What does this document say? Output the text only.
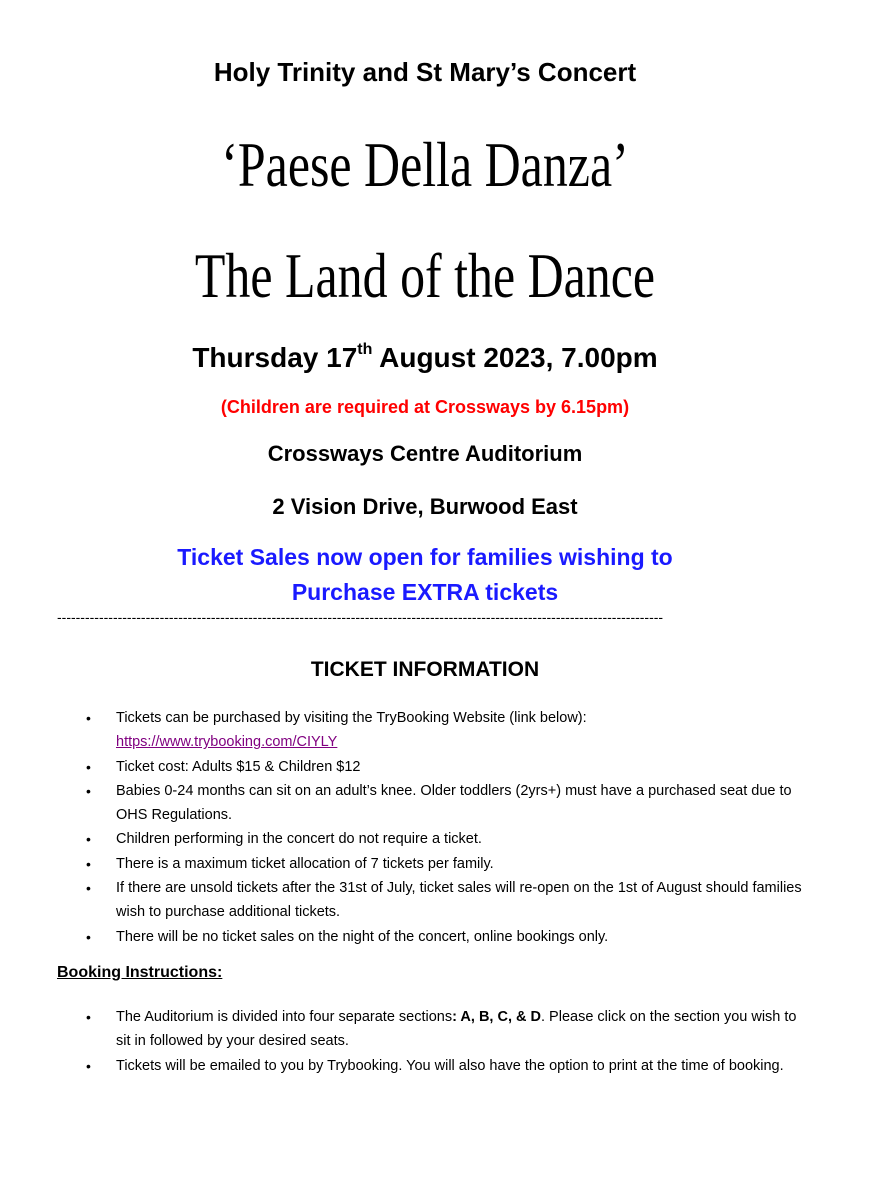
Holy Trinity and St Mary’s Concert
‘Paese Della Danza’
The Land of the Dance
Thursday 17th August 2023, 7.00pm
(Children are required at Crossways by 6.15pm)
Crossways Centre Auditorium
2 Vision Drive, Burwood East
Ticket Sales now open for families wishing to
Purchase EXTRA tickets
----------------------------------------------------------------------------------------------------------------------------------
TICKET INFORMATION
• Tickets can be purchased by visiting the TryBooking Website (link below):
https://www.trybooking.com/CIYLY
• Ticket cost: Adults $15 & Children $12
• Babies 0-24 months can sit on an adult’s knee. Older toddlers (2yrs+) must have a purchased seat due to OHS Regulations.
• Children performing in the concert do not require a ticket.
• There is a maximum ticket allocation of 7 tickets per family.
• If there are unsold tickets after the 31st of July, ticket sales will re-open on the 1st of August should families wish to purchase additional tickets.
• There will be no ticket sales on the night of the concert, online bookings only.
Booking Instructions:
• The Auditorium is divided into four separate sections: A, B, C, & D. Please click on the section you wish to sit in followed by your desired seats.
• Tickets will be emailed to you by Trybooking. You will also have the option to print at the time of booking.
